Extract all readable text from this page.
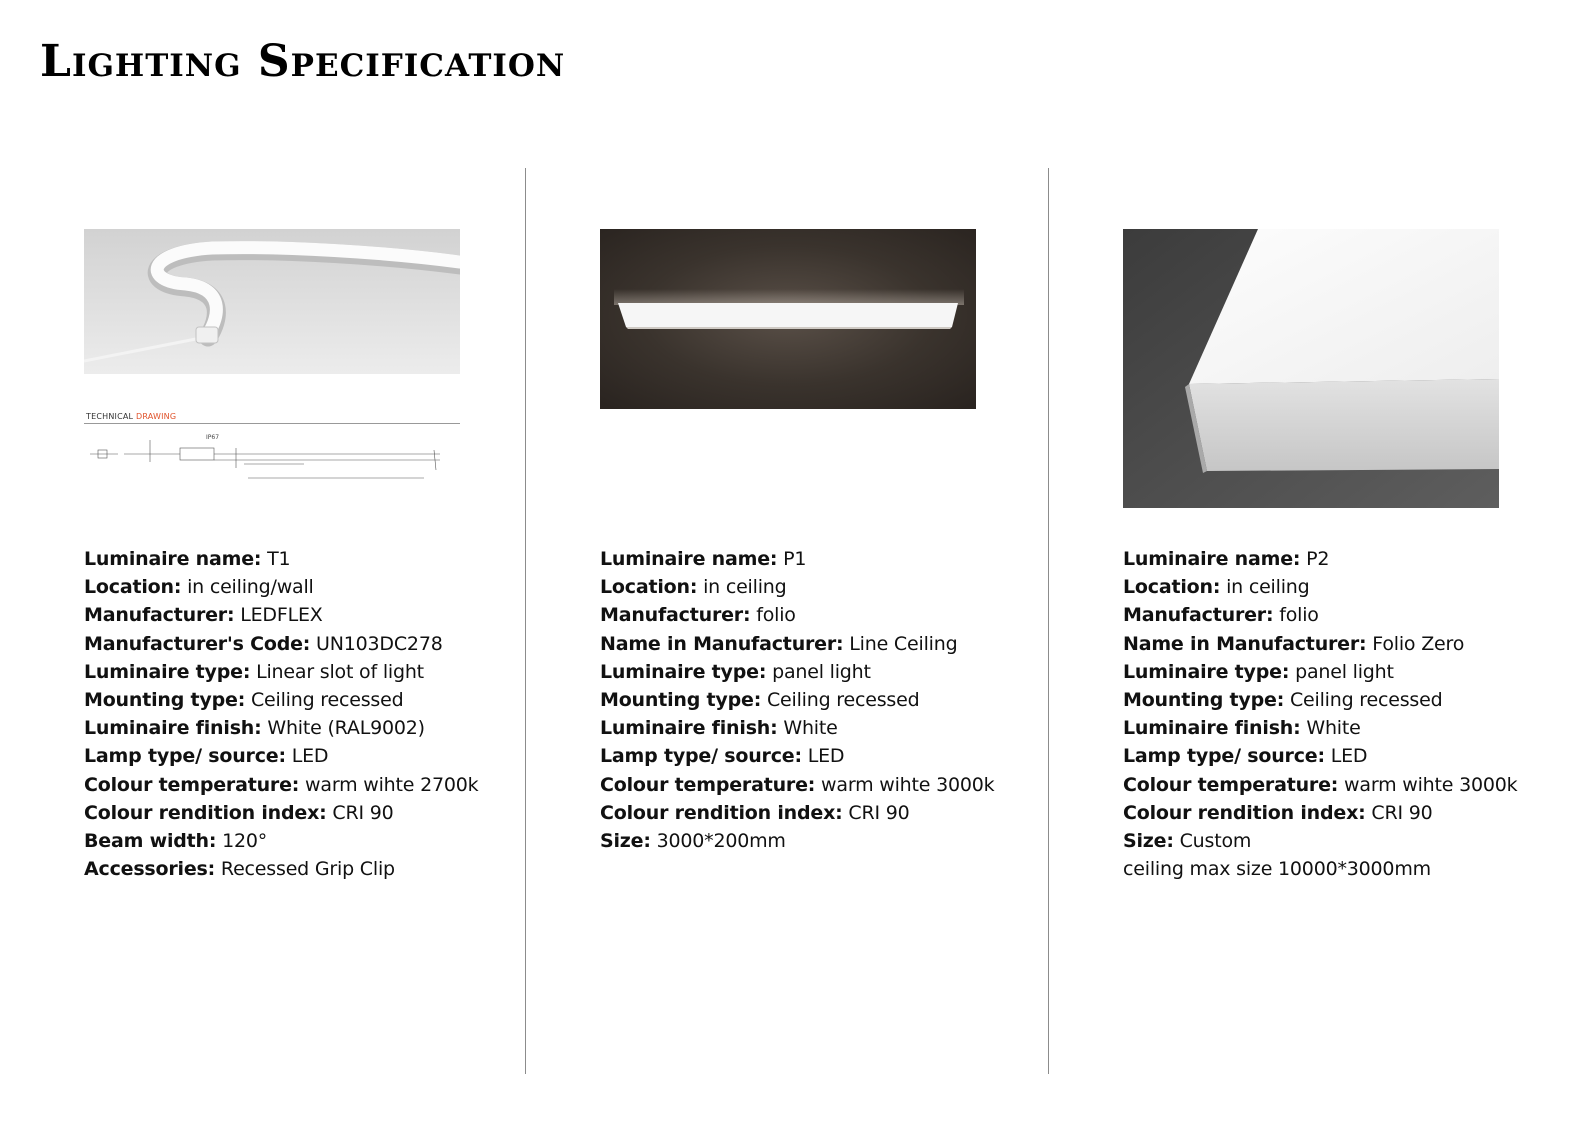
Lighting Specification
TECHNICAL DRAWING
IP67
Luminaire name: T1
Location: in ceiling/wall
Manufacturer: LEDFLEX
Manufacturer's Code: UN103DC278
Luminaire type: Linear slot of light
Mounting type: Ceiling recessed
Luminaire finish: White (RAL9002)
Lamp type/ source: LED
Colour temperature: warm wihte 2700k
Colour rendition index: CRI 90
Beam width: 120°
Accessories: Recessed Grip Clip
Luminaire name: P1
Location: in ceiling
Manufacturer: folio
Name in Manufacturer: Line Ceiling
Luminaire type: panel light
Mounting type: Ceiling recessed
Luminaire finish: White
Lamp type/ source: LED
Colour temperature: warm wihte 3000k
Colour rendition index: CRI 90
Size: 3000*200mm
Luminaire name: P2
Location: in ceiling
Manufacturer: folio
Name in Manufacturer: Folio Zero
Luminaire type: panel light
Mounting type: Ceiling recessed
Luminaire finish: White
Lamp type/ source: LED
Colour temperature: warm wihte 3000k
Colour rendition index: CRI 90
Size: Custom
ceiling max size 10000*3000mm
